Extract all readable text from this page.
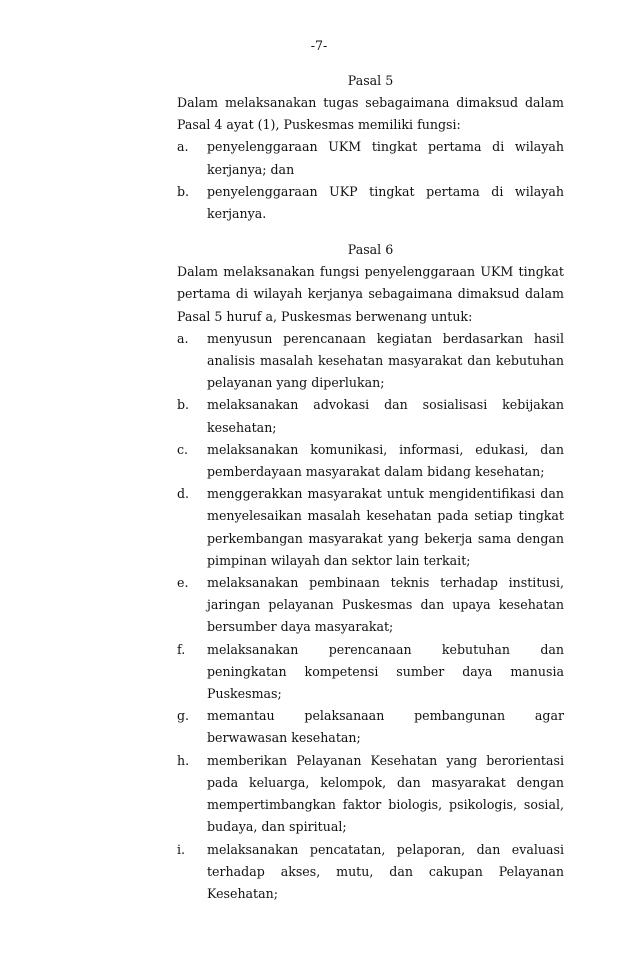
-7-
Pasal 5
Dalam melaksanakan tugas sebagaimana dimaksud dalam Pasal 4 ayat (1), Puskesmas memiliki fungsi:
a.	penyelenggaraan UKM tingkat pertama di wilayah kerjanya; dan
b.	penyelenggaraan UKP tingkat pertama di wilayah kerjanya.
Pasal 6
Dalam melaksanakan fungsi penyelenggaraan UKM tingkat pertama di wilayah kerjanya sebagaimana dimaksud dalam Pasal 5 huruf a, Puskesmas berwenang untuk:
a.	menyusun perencanaan kegiatan berdasarkan hasil analisis masalah kesehatan masyarakat dan kebutuhan pelayanan yang diperlukan;
b.	melaksanakan advokasi dan sosialisasi kebijakan kesehatan;
c.	melaksanakan komunikasi, informasi, edukasi, dan pemberdayaan masyarakat dalam bidang kesehatan;
d.	menggerakkan masyarakat untuk mengidentifikasi dan menyelesaikan masalah kesehatan pada setiap tingkat perkembangan masyarakat yang bekerja sama dengan pimpinan wilayah dan sektor lain terkait;
e.	melaksanakan pembinaan teknis terhadap institusi, jaringan pelayanan Puskesmas dan upaya kesehatan bersumber daya masyarakat;
f.	melaksanakan perencanaan kebutuhan dan peningkatan kompetensi sumber daya manusia Puskesmas;
g.	memantau pelaksanaan pembangunan agar berwawasan kesehatan;
h.	memberikan Pelayanan Kesehatan yang berorientasi pada keluarga, kelompok, dan masyarakat dengan mempertimbangkan faktor biologis, psikologis, sosial, budaya, dan spiritual;
i.	melaksanakan pencatatan, pelaporan, dan evaluasi terhadap akses, mutu, dan cakupan Pelayanan Kesehatan;
